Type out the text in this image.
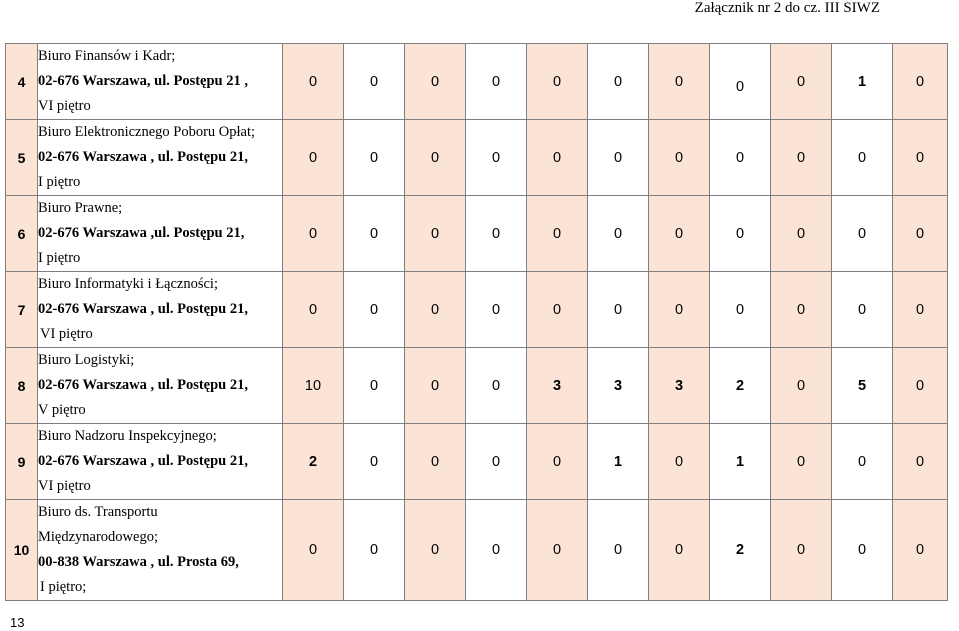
Załącznik nr 2 do cz. III SIWZ
4	Biuro Finansów i Kadr;
02-676 Warszawa, ul. Postępu 21 ,
VI piętro	0	0	0	0	0	0	0	0	0	1	0
5	Biuro Elektronicznego Poboru Opłat;
02-676 Warszawa , ul. Postępu 21,
I piętro	0	0	0	0	0	0	0	0	0	0	0
6	Biuro Prawne;
02-676 Warszawa ,ul. Postępu 21,
I piętro	0	0	0	0	0	0	0	0	0	0	0
7	Biuro Informatyki i Łączności;
02-676 Warszawa , ul. Postępu 21,
VI piętro	0	0	0	0	0	0	0	0	0	0	0
8	Biuro Logistyki;
02-676 Warszawa , ul. Postępu 21,
V piętro	10	0	0	0	3	3	3	2	0	5	0
9	Biuro Nadzoru Inspekcyjnego;
02-676 Warszawa , ul. Postępu 21,
VI piętro	2	0	0	0	0	1	0	1	0	0	0
10	Biuro ds. Transportu
Międzynarodowego;
00-838 Warszawa , ul. Prosta 69,
I piętro;	0	0	0	0	0	0	0	2	0	0	0
13
